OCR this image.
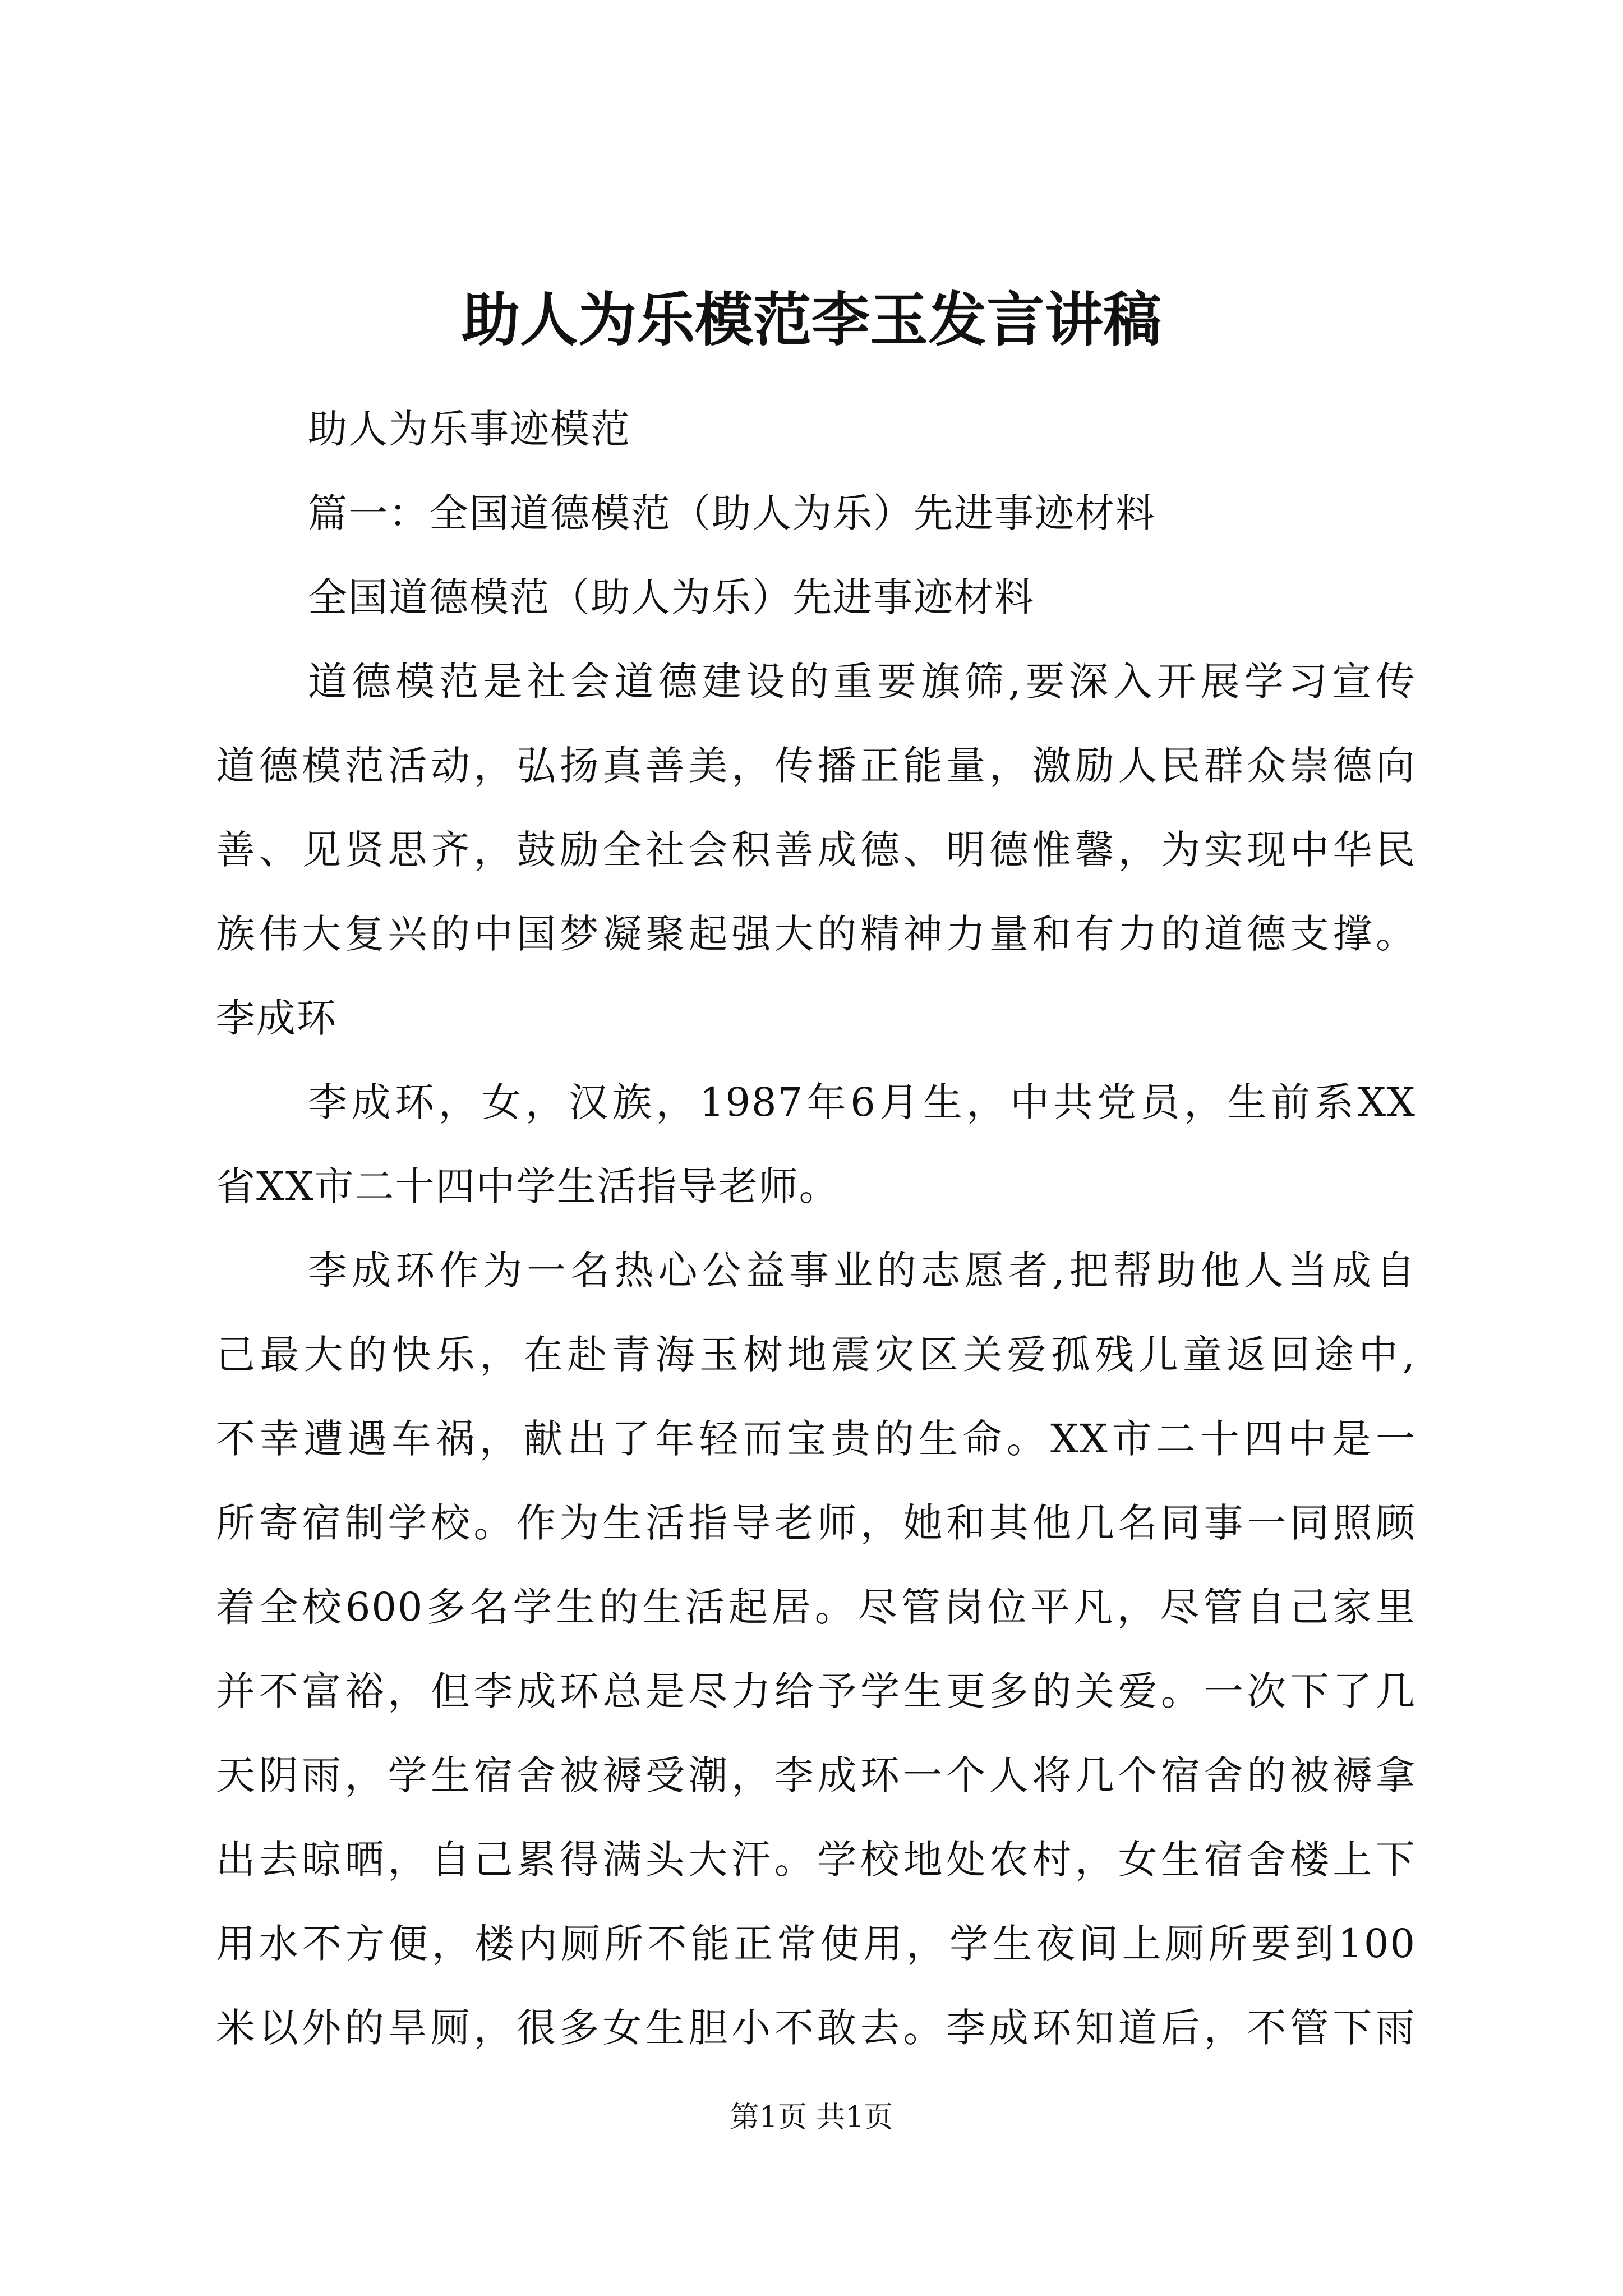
助人为乐模范李玉发言讲稿

助人为乐事迹模范

篇一：全国道德模范（助人为乐）先进事迹材料

全国道德模范（助人为乐）先进事迹材料

道德模范是社会道德建设的重要旗筛,要深入开展学习宣传

道德模范活动，弘扬真善美，传播正能量，激励人民群众崇德向

善、见贤思齐，鼓励全社会积善成德、明德惟馨，为实现中华民

族伟大复兴的中国梦凝聚起强大的精神力量和有力的道德支撑。

李成环

李成环，女，汉族，1987年6月生，中共党员，生前系XX

省XX市二十四中学生活指导老师。

李成环作为一名热心公益事业的志愿者,把帮助他人当成自

己最大的快乐，在赴青海玉树地震灾区关爱孤残儿童返回途中,

不幸遭遇车祸，献出了年轻而宝贵的生命。XX市二十四中是一

所寄宿制学校。作为生活指导老师，她和其他几名同事一同照顾

着全校600多名学生的生活起居。尽管岗位平凡，尽管自己家里

并不富裕，但李成环总是尽力给予学生更多的关爱。一次下了几

天阴雨，学生宿舍被褥受潮，李成环一个人将几个宿舍的被褥拿

出去晾晒，自己累得满头大汗。学校地处农村，女生宿舍楼上下

用水不方便，楼内厕所不能正常使用，学生夜间上厕所要到100

米以外的旱厕，很多女生胆小不敢去。李成环知道后，不管下雨

第1页 共1页
